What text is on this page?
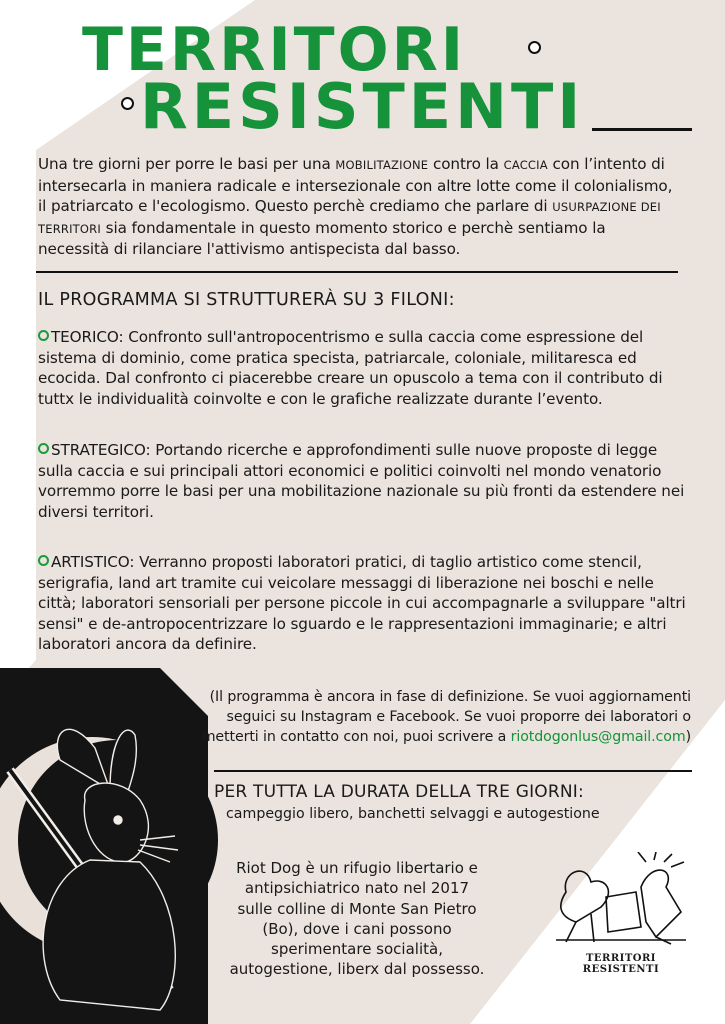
TERRITORI
RESISTENTI
Una tre giorni per porre le basi per una MOBILITAZIONE contro la CACCIA con l’intento di intersecarla in maniera radicale e intersezionale con altre lotte come il colonialismo, il patriarcato e l'ecologismo. Questo perchè crediamo che parlare di USURPAZIONE DEI TERRITORI sia fondamentale in questo momento storico e perchè sentiamo la necessità di rilanciare l'attivismo antispecista dal basso.
IL PROGRAMMA SI STRUTTURERÀ SU 3 FILONI:
TEORICO: Confronto sull'antropocentrismo e sulla caccia come espressione del sistema di dominio, come pratica specista, patriarcale, coloniale, militaresca ed ecocida. Dal confronto ci piacerebbe creare un opuscolo a tema con il contributo di tuttx le individualità coinvolte e con le grafiche realizzate durante l’evento.
STRATEGICO: Portando ricerche e approfondimenti sulle nuove proposte di legge sulla caccia e sui principali attori economici e politici coinvolti nel mondo venatorio vorremmo porre le basi per una mobilitazione nazionale su più fronti da estendere nei diversi territori.
ARTISTICO: Verranno proposti laboratori pratici, di taglio artistico come stencil, serigrafia, land art tramite cui veicolare messaggi di liberazione nei boschi e nelle città; laboratori sensoriali per persone piccole in cui accompagnarle a sviluppare "altri sensi" e de-antropocentrizzare lo sguardo e le rappresentazioni immaginarie; e altri laboratori ancora da definire.
(Il programma è ancora in fase di definizione. Se vuoi aggiornamenti seguici su Instagram e Facebook. Se vuoi proporre dei laboratori o metterti in contatto con noi, puoi scrivere a riotdogonlus@gmail.com)
PER TUTTA LA DURATA DELLA TRE GIORNI:
campeggio libero, banchetti selvaggi e autogestione
Riot Dog è un rifugio libertario e antipsichiatrico nato nel 2017 sulle colline di Monte San Pietro (Bo), dove i cani possono sperimentare socialità, autogestione, liberx dal possesso.
TERRITORI RESISTENTI
